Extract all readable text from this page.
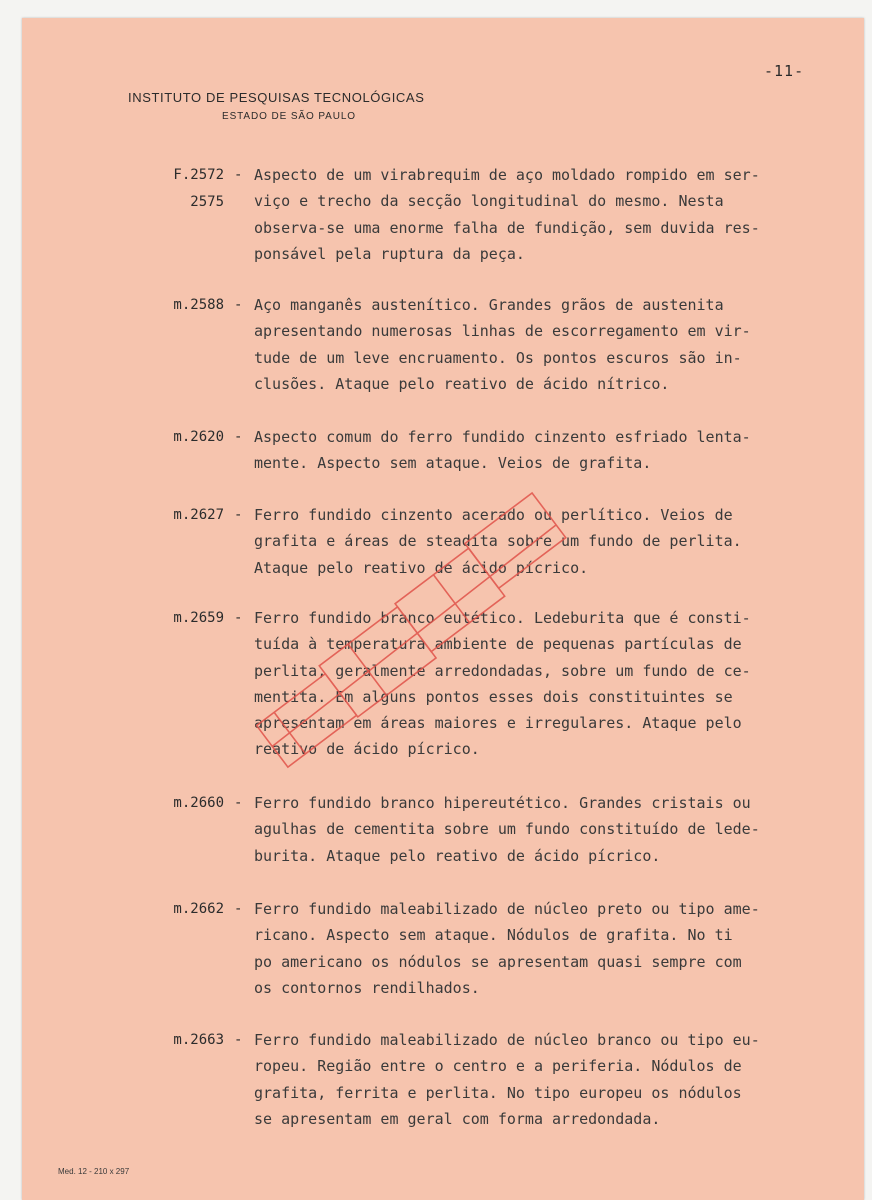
-11-
INSTITUTO DE PESQUISAS TECNOLÓGICAS
ESTADO DE SÃO PAULO
F.2572
2575
- Aspecto de um virabrequim de aço moldado rompido em ser-
viço e trecho da secção longitudinal do mesmo. Nesta
observa-se uma enorme falha de fundição, sem duvida res-
ponsável pela ruptura da peça.
m.2588 - Aço manganês austenítico. Grandes grãos de austenita
apresentando numerosas linhas de escorregamento em vir-
tude de um leve encruamento. Os pontos escuros são in-
clusões. Ataque pelo reativo de ácido nítrico.
m.2620 - Aspecto comum do ferro fundido cinzento esfriado lenta-
mente. Aspecto sem ataque. Veios de grafita.
m.2627 - Ferro fundido cinzento acerado ou perlítico. Veios de
grafita e áreas de steadita sobre um fundo de perlita.
Ataque pelo reativo de ácido pícrico.
m.2659 - Ferro fundido branco eutético. Ledeburita que é consti-
tuída à temperatura ambiente de pequenas partículas de
perlita, geralmente arredondadas, sobre um fundo de ce-
mentita. Em alguns pontos esses dois constituintes se
apresentam em áreas maiores e irregulares. Ataque pelo
reativo de ácido pícrico.
m.2660 - Ferro fundido branco hipereutético. Grandes cristais ou
agulhas de cementita sobre um fundo constituído de lede-
burita. Ataque pelo reativo de ácido pícrico.
m.2662 - Ferro fundido maleabilizado de núcleo preto ou tipo ame-
ricano. Aspecto sem ataque. Nódulos de grafita. No ti
po americano os nódulos se apresentam quasi sempre com
os contornos rendilhados.
m.2663 - Ferro fundido maleabilizado de núcleo branco ou tipo eu-
ropeu. Região entre o centro e a periferia. Nódulos de
grafita, ferrita e perlita. No tipo europeu os nódulos
se apresentam em geral com forma arredondada.
Med. 12 - 210 x 297
